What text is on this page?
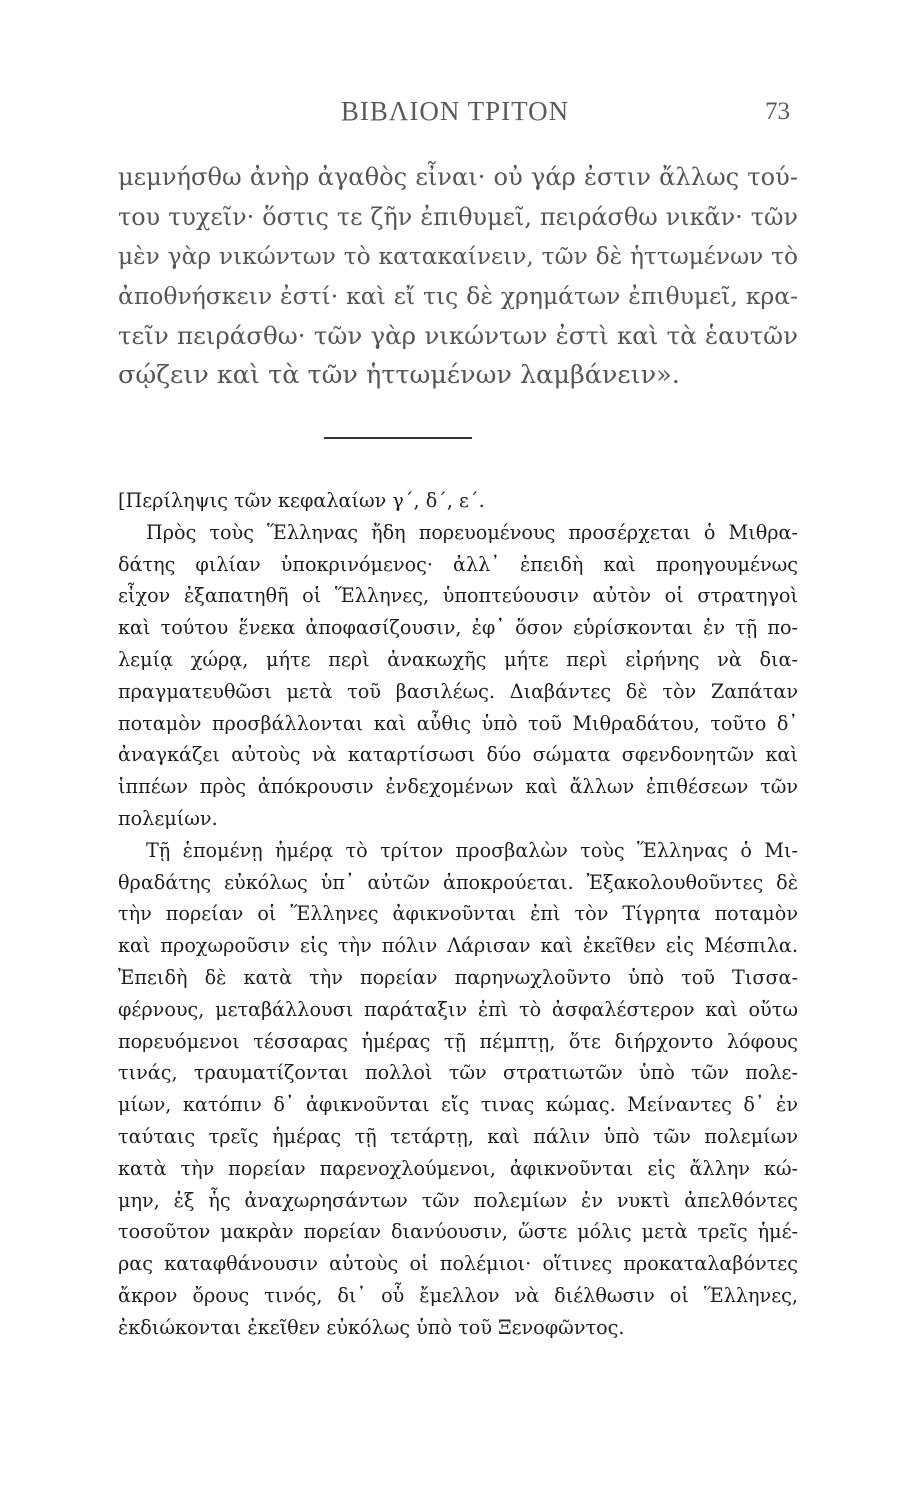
ΒΙΒΛΙΟΝ ΤΡΙΤΟΝ	73
μεμνήσθω ἀνὴρ ἀγαθὸς εἶναι· οὐ γάρ ἐστιν ἄλλως τού-
του τυχεῖν· ὅστις τε ζῆν ἐπιθυμεῖ, πειράσθω νικᾶν· τῶν
μὲν γὰρ νικώντων τὸ κατακαίνειν, τῶν δὲ ἡττωμένων τὸ
ἀποθνήσκειν ἐστί· καὶ εἴ τις δὲ χρημάτων ἐπιθυμεῖ, κρα-
τεῖν πειράσθω· τῶν γὰρ νικώντων ἐστὶ καὶ τὰ ἑαυτῶν
σῴζειν καὶ τὰ τῶν ἡττωμένων λαμβάνειν».
[Περίληψις τῶν κεφαλαίων γ΄, δ΄, ε΄.
Πρὸς τοὺς Ἕλληνας ἤδη πορευομένους προσέρχεται ὁ Μιθρα-
δάτης φιλίαν ὑποκρινόμενος· ἀλλ᾽ ἐπειδὴ καὶ προηγουμένως
εἶχον ἐξαπατηθῆ οἱ Ἕλληνες, ὑποπτεύουσιν αὐτὸν οἱ στρατηγοὶ
καὶ τούτου ἕνεκα ἀποφασίζουσιν, ἐφ᾽ ὅσον εὑρίσκονται ἐν τῇ πο-
λεμίᾳ χώρᾳ, μήτε περὶ ἀνακωχῆς μήτε περὶ εἰρήνης νὰ δια-
πραγματευθῶσι μετὰ τοῦ βασιλέως. Διαβάντες δὲ τὸν Ζαπάταν
ποταμὸν προσβάλλονται καὶ αὖθις ὑπὸ τοῦ Μιθραδάτου, τοῦτο δ᾽
ἀναγκάζει αὐτοὺς νὰ καταρτίσωσι δύο σώματα σφενδονητῶν καὶ
ἱππέων πρὸς ἀπόκρουσιν ἐνδεχομένων καὶ ἄλλων ἐπιθέσεων τῶν
πολεμίων.
Τῇ ἑπομένῃ ἡμέρᾳ τὸ τρίτον προσβαλὼν τοὺς Ἕλληνας ὁ Μι-
θραδάτης εὐκόλως ὑπ᾽ αὐτῶν ἀποκρούεται. Ἐξακολουθοῦντες δὲ
τὴν πορείαν οἱ Ἕλληνες ἀφικνοῦνται ἐπὶ τὸν Τίγρητα ποταμὸν
καὶ προχωροῦσιν εἰς τὴν πόλιν Λάρισαν καὶ ἐκεῖθεν εἰς Μέσπιλα.
Ἐπειδὴ δὲ κατὰ τὴν πορείαν παρηνωχλοῦντο ὑπὸ τοῦ Τισσα-
φέρνους, μεταβάλλουσι παράταξιν ἐπὶ τὸ ἀσφαλέστερον καὶ οὕτω
πορευόμενοι τέσσαρας ἡμέρας τῇ πέμπτῃ, ὅτε διήρχοντο λόφους
τινάς, τραυματίζονται πολλοὶ τῶν στρατιωτῶν ὑπὸ τῶν πολε-
μίων, κατόπιν δ᾽ ἀφικνοῦνται εἴς τινας κώμας. Μείναντες δ᾽ ἐν
ταύταις τρεῖς ἡμέρας τῇ τετάρτῃ, καὶ πάλιν ὑπὸ τῶν πολεμίων
κατὰ τὴν πορείαν παρενοχλούμενοι, ἀφικνοῦνται εἰς ἄλλην κώ-
μην, ἐξ ἧς ἀναχωρησάντων τῶν πολεμίων ἐν νυκτὶ ἀπελθόντες
τοσοῦτον μακρὰν πορείαν διανύουσιν, ὥστε μόλις μετὰ τρεῖς ἡμέ-
ρας καταφθάνουσιν αὐτοὺς οἱ πολέμιοι· οἵτινες προκαταλαβόντες
ἄκρον ὄρους τινός, δι᾽ οὗ ἔμελλον νὰ διέλθωσιν οἱ Ἕλληνες,
ἐκδιώκονται ἐκεῖθεν εὐκόλως ὑπὸ τοῦ Ξενοφῶντος.
